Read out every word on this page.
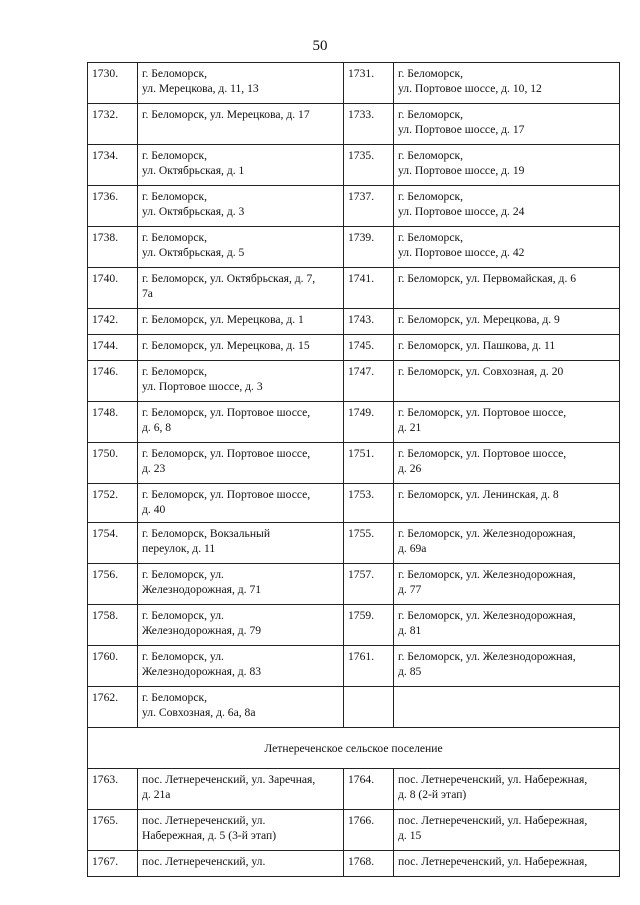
50
1730.	г. Беломорск,
ул. Мерецкова, д. 11, 13	1731.	г. Беломорск,
ул. Портовое шоссе, д. 10, 12

1732.	г. Беломорск, ул. Мерецкова, д. 17	1733.	г. Беломорск,
ул. Портовое шоссе, д. 17

1734.	г. Беломорск,
ул. Октябрьская, д. 1	1735.	г. Беломорск,
ул. Портовое шоссе, д. 19

1736.	г. Беломорск,
ул. Октябрьская, д. 3	1737.	г. Беломорск,
ул. Портовое шоссе, д. 24

1738.	г. Беломорск,
ул. Октябрьская, д. 5	1739.	г. Беломорск,
ул. Портовое шоссе, д. 42

1740.	г. Беломорск, ул. Октябрьская, д. 7,
7а	1741.	г. Беломорск, ул. Первомайская, д. 6

1742.	г. Беломорск, ул. Мерецкова, д. 1	1743.	г. Беломорск, ул. Мерецкова, д. 9

1744.	г. Беломорск, ул. Мерецкова, д. 15	1745.	г. Беломорск, ул. Пашкова, д. 11

1746.	г. Беломорск,
ул. Портовое шоссе, д. 3	1747.	г. Беломорск, ул. Совхозная, д. 20

1748.	г. Беломорск, ул. Портовое шоссе,
д. 6, 8	1749.	г. Беломорск, ул. Портовое шоссе,
д. 21

1750.	г. Беломорск, ул. Портовое шоссе,
д. 23	1751.	г. Беломорск, ул. Портовое шоссе,
д. 26

1752.	г. Беломорск, ул. Портовое шоссе,
д. 40	1753.	г. Беломорск, ул. Ленинская, д. 8

1754.	г. Беломорск, Вокзальный
переулок, д. 11	1755.	г. Беломорск, ул. Железнодорожная,
д. 69а

1756.	г. Беломорск, ул.
Железнодорожная, д. 71	1757.	г. Беломорск, ул. Железнодорожная,
д. 77

1758.	г. Беломорск, ул.
Железнодорожная, д. 79	1759.	г. Беломорск, ул. Железнодорожная,
д. 81

1760.	г. Беломорск, ул.
Железнодорожная, д. 83	1761.	г. Беломорск, ул. Железнодорожная,
д. 85

1762.	г. Беломорск,
ул. Совхозная, д. 6а, 8а		

Летнереченское сельское поселение			
1763.	пос. Летнереченский, ул. Заречная,
д. 21а	1764.	пос. Летнереченский, ул. Набережная,
д. 8 (2-й этап)

1765.	пос. Летнереченский, ул.
Набережная, д. 5 (3-й этап)	1766.	пос. Летнереченский, ул. Набережная,
д. 15

1767.	пос. Летнереченский, ул.	1768.	пос. Летнереченский, ул. Набережная,
